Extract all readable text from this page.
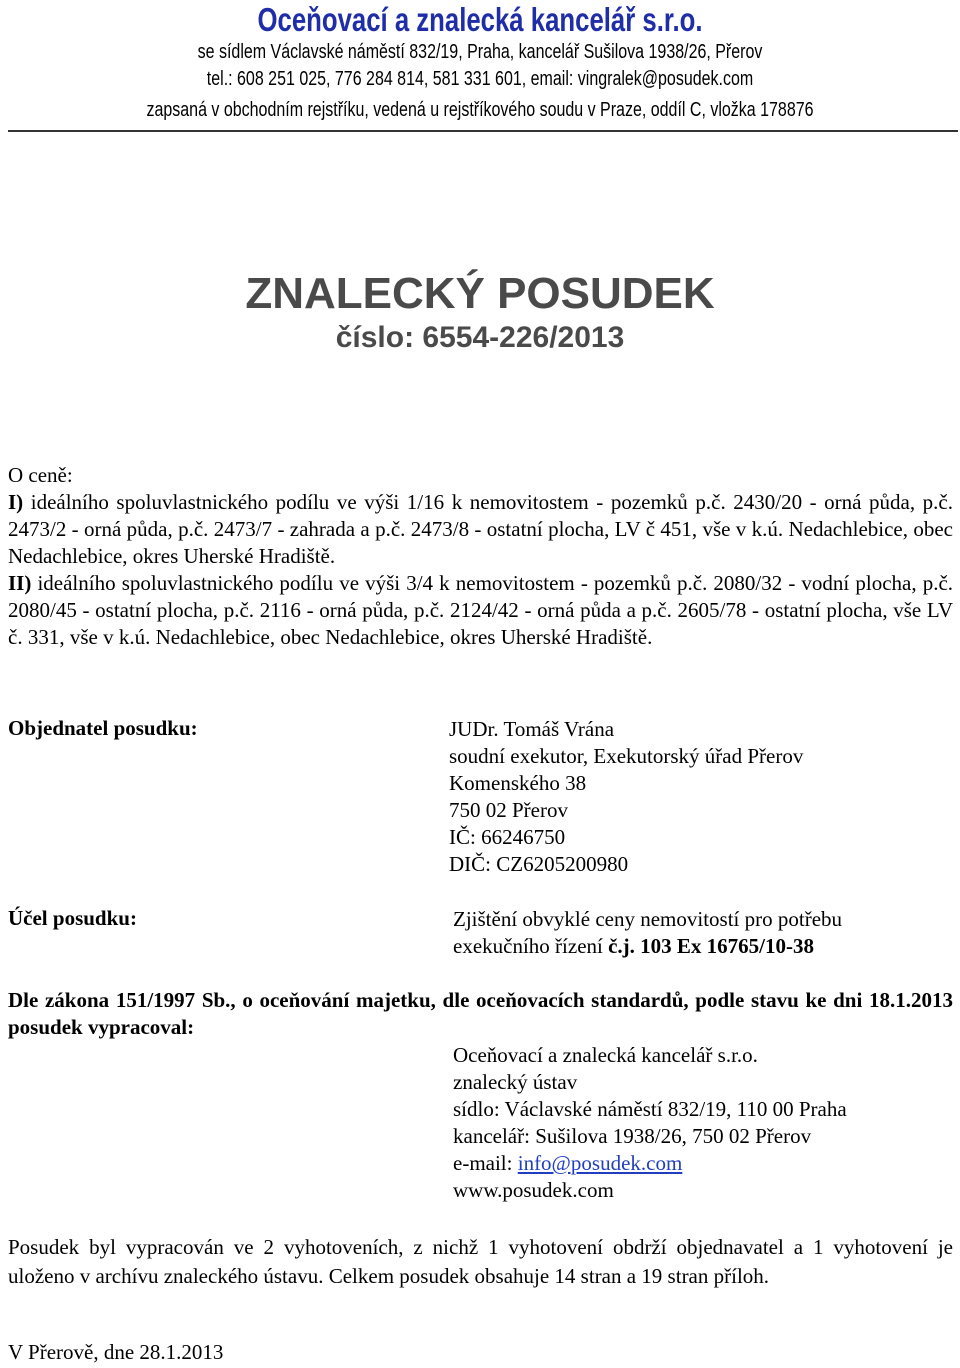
Oceňovací a znalecká kancelář s.r.o.
se sídlem Václavské náměstí 832/19, Praha, kancelář Sušilova 1938/26, Přerov
tel.: 608 251 025, 776 284 814, 581 331 601, email: vingralek@posudek.com
zapsaná v obchodním rejstříku, vedená u rejstříkového soudu v Praze, oddíl C, vložka 178876
ZNALECKÝ POSUDEK
číslo: 6554-226/2013
O ceně:
I) ideálního spoluvlastnického podílu ve výši 1/16 k nemovitostem - pozemků p.č. 2430/20 - orná půda, p.č. 2473/2 - orná půda, p.č. 2473/7 - zahrada a p.č. 2473/8 - ostatní plocha, LV č 451, vše v k.ú. Nedachlebice, obec Nedachlebice, okres Uherské Hradiště.
II) ideálního spoluvlastnického podílu ve výši 3/4 k nemovitostem - pozemků p.č. 2080/32 - vodní plocha, p.č. 2080/45 - ostatní plocha, p.č. 2116 - orná půda, p.č. 2124/42 - orná půda a p.č. 2605/78 - ostatní plocha, vše LV č. 331, vše v k.ú. Nedachlebice, obec Nedachlebice, okres Uherské Hradiště.
Objednatel posudku:	JUDr. Tomáš Vrána
soudní exekutor, Exekutorský úřad Přerov
Komenského 38
750 02 Přerov
IČ: 66246750
DIČ: CZ6205200980
Účel posudku:	Zjištění obvyklé ceny nemovitostí pro potřebu
exekučního řízení č.j. 103 Ex 16765/10-38
Dle zákona 151/1997 Sb., o oceňování majetku, dle oceňovacích standardů, podle stavu ke dni 18.1.2013 posudek vypracoval:
Oceňovací a znalecká kancelář s.r.o.
znalecký ústav
sídlo: Václavské náměstí 832/19, 110 00 Praha
kancelář: Sušilova 1938/26, 750 02 Přerov
e-mail: info@posudek.com
www.posudek.com
Posudek byl vypracován ve 2 vyhotoveních, z nichž 1 vyhotovení obdrží objednavatel a 1 vyhotovení je uloženo v archívu znaleckého ústavu. Celkem posudek obsahuje 14 stran a 19 stran příloh.
V Přerově, dne 28.1.2013
